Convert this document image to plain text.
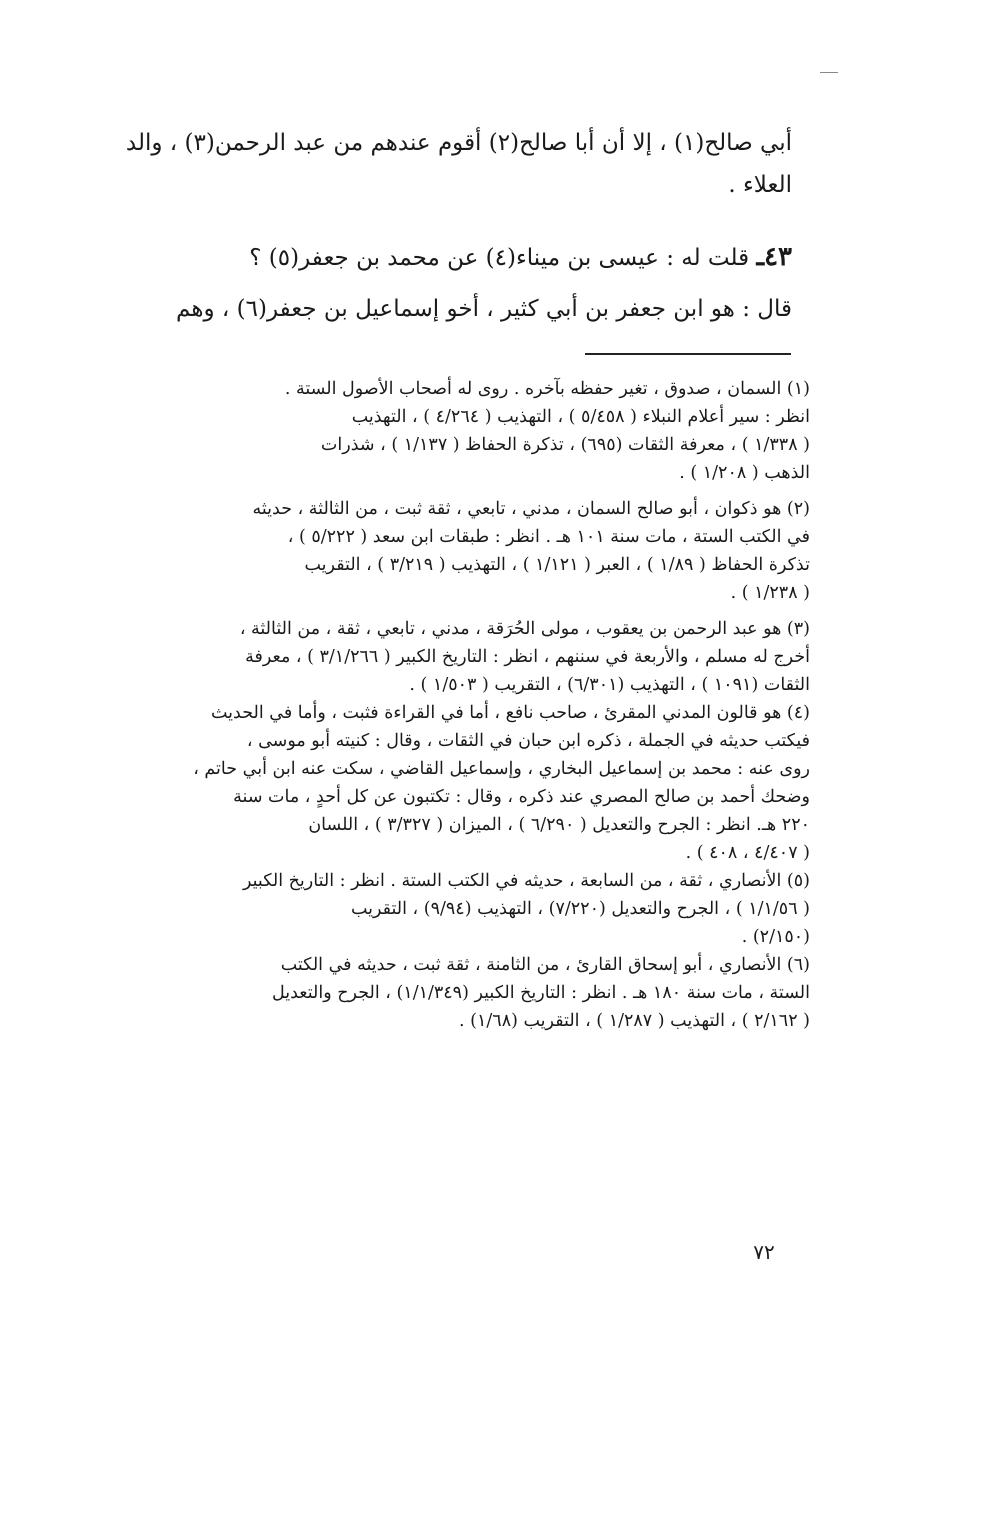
أبي صالح(١) ، إلا أن أبا صالح(٢) أقوم عندهم من عبد الرحمن(٣) ، والد
العلاء .
٤٣ـ قلت له : عيسى بن ميناء(٤) عن محمد بن جعفر(٥) ؟
قال : هو ابن جعفر بن أبي كثير ، أخو إسماعيل بن جعفر(٦) ، وهم
(١) السمان ، صدوق ، تغير حفظه بآخره . روى له أصحاب الأصول الستة .
انظر : سير أعلام النبلاء ( ٥/٤٥٨ ) ، التهذيب ( ٤/٢٦٤ ) ، التهذيب
( ١/٣٣٨ ) ، معرفة الثقات (٦٩٥) ، تذكرة الحفاظ ( ١/١٣٧ ) ، شذرات
الذهب ( ١/٢٠٨ ) .
(٢) هو ذكوان ، أبو صالح السمان ، مدني ، تابعي ، ثقة ثبت ، من الثالثة ، حديثه
في الكتب الستة ، مات سنة ١٠١ هـ . انظر : طبقات ابن سعد ( ٥/٢٢٢ ) ،
تذكرة الحفاظ ( ١/٨٩ ) ، العبر ( ١/١٢١ ) ، التهذيب ( ٣/٢١٩ ) ، التقريب
( ١/٢٣٨ ) .
(٣) هو عبد الرحمن بن يعقوب ، مولى الحُرَقة ، مدني ، تابعي ، ثقة ، من الثالثة ،
أخرج له مسلم ، والأربعة في سننهم ، انظر : التاريخ الكبير ( ٣/١/٢٦٦ ) ، معرفة
الثقات (١٠٩١ ) ، التهذيب (٦/٣٠١) ، التقريب ( ١/٥٠٣ ) .
(٤) هو قالون المدني المقرئ ، صاحب نافع ، أما في القراءة فثبت ، وأما في الحديث
فيكتب حديثه في الجملة ، ذكره ابن حبان في الثقات ، وقال : كنيته أبو موسى ،
روى عنه : محمد بن إسماعيل البخاري ، وإسماعيل القاضي ، سكت عنه ابن أبي حاتم ،
وضحك أحمد بن صالح المصري عند ذكره ، وقال : تكتبون عن كل أحدٍ ، مات سنة
٢٢٠ هـ. انظر : الجرح والتعديل ( ٦/٢٩٠ ) ، الميزان ( ٣/٣٢٧ ) ، اللسان
( ٤/٤٠٧ ، ٤٠٨ ) .
(٥) الأنصاري ، ثقة ، من السابعة ، حديثه في الكتب الستة . انظر : التاريخ الكبير
( ١/١/٥٦ ) ، الجرح والتعديل (٧/٢٢٠) ، التهذيب (٩/٩٤) ، التقريب
(٢/١٥٠) .
(٦) الأنصاري ، أبو إسحاق القارئ ، من الثامنة ، ثقة ثبت ، حديثه في الكتب
الستة ، مات سنة ١٨٠ هـ . انظر : التاريخ الكبير (١/١/٣٤٩) ، الجرح والتعديل
( ٢/١٦٢ ) ، التهذيب ( ١/٢٨٧ ) ، التقريب (١/٦٨) .
٧٢
